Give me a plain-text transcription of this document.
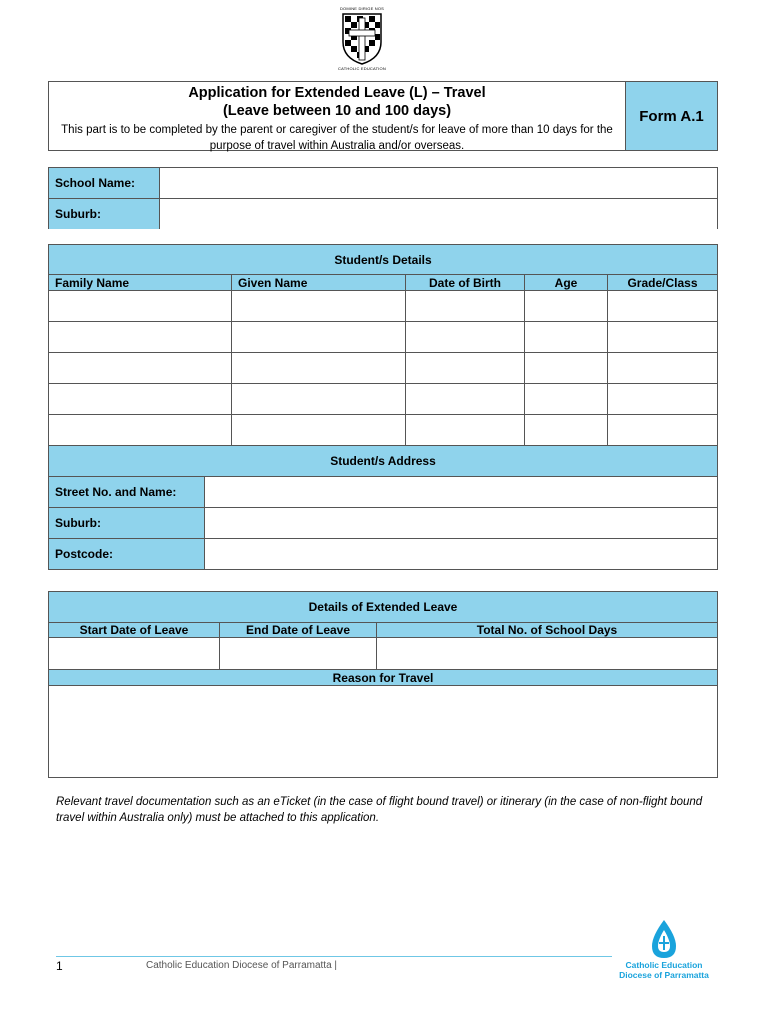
DOMINE DIRIGE NOS
CATHOLIC EDUCATION
Application for Extended Leave (L) – Travel
(Leave between 10 and 100 days)
This part is to be completed by the parent or caregiver of the student/s for leave of more than 10 days for the purpose of travel within Australia and/or overseas.
Form A.1
School Name:
Suburb:
Student/s Details
Family Name	Given Name	Date of Birth	Age	Grade/Class
Student/s Address
Street No. and Name:
Suburb:
Postcode:
Details of Extended Leave
Start Date of Leave	End Date of Leave	Total No. of School Days
Reason for Travel
Relevant travel documentation such as an eTicket (in the case of flight bound travel) or itinerary (in the case of non-flight bound travel within Australia only) must be attached to this application.
1	Catholic Education Diocese of Parramatta |	Catholic Education
Diocese of Parramatta
